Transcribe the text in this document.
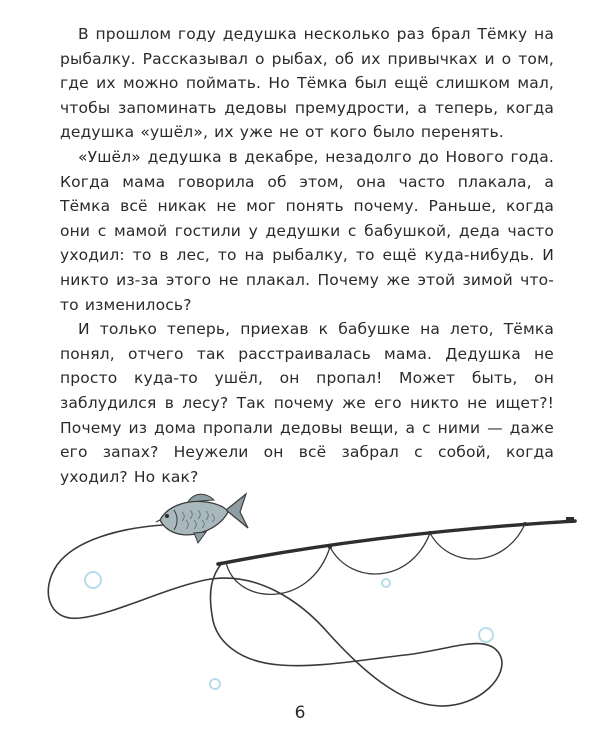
В прошлом году дедушка несколько раз брал Тёмку на рыбалку. Рассказывал о рыбах, об их привычках и о том, где их можно поймать. Но Тёмка был ещё слишком мал, чтобы запоминать дедовы премудрости, а теперь, когда дедушка «ушёл», их уже не от кого было перенять.

«Ушёл» дедушка в декабре, незадолго до Нового года. Когда мама говорила об этом, она часто плакала, а Тёмка всё никак не мог понять почему. Раньше, когда они с мамой гостили у дедушки с бабушкой, деда часто уходил: то в лес, то на рыбалку, то ещё куда-нибудь. И никто из-за этого не плакал. Почему же этой зимой что-то изменилось?

И только теперь, приехав к бабушке на лето, Тёмка понял, отчего так расстраивалась мама. Дедушка не просто куда-то ушёл, он пропал! Может быть, он заблудился в лесу? Так почему же его никто не ищет?! Почему из дома пропали дедовы вещи, а с ними — даже его запах? Неужели он всё забрал с собой, когда уходил? Но как?

6
